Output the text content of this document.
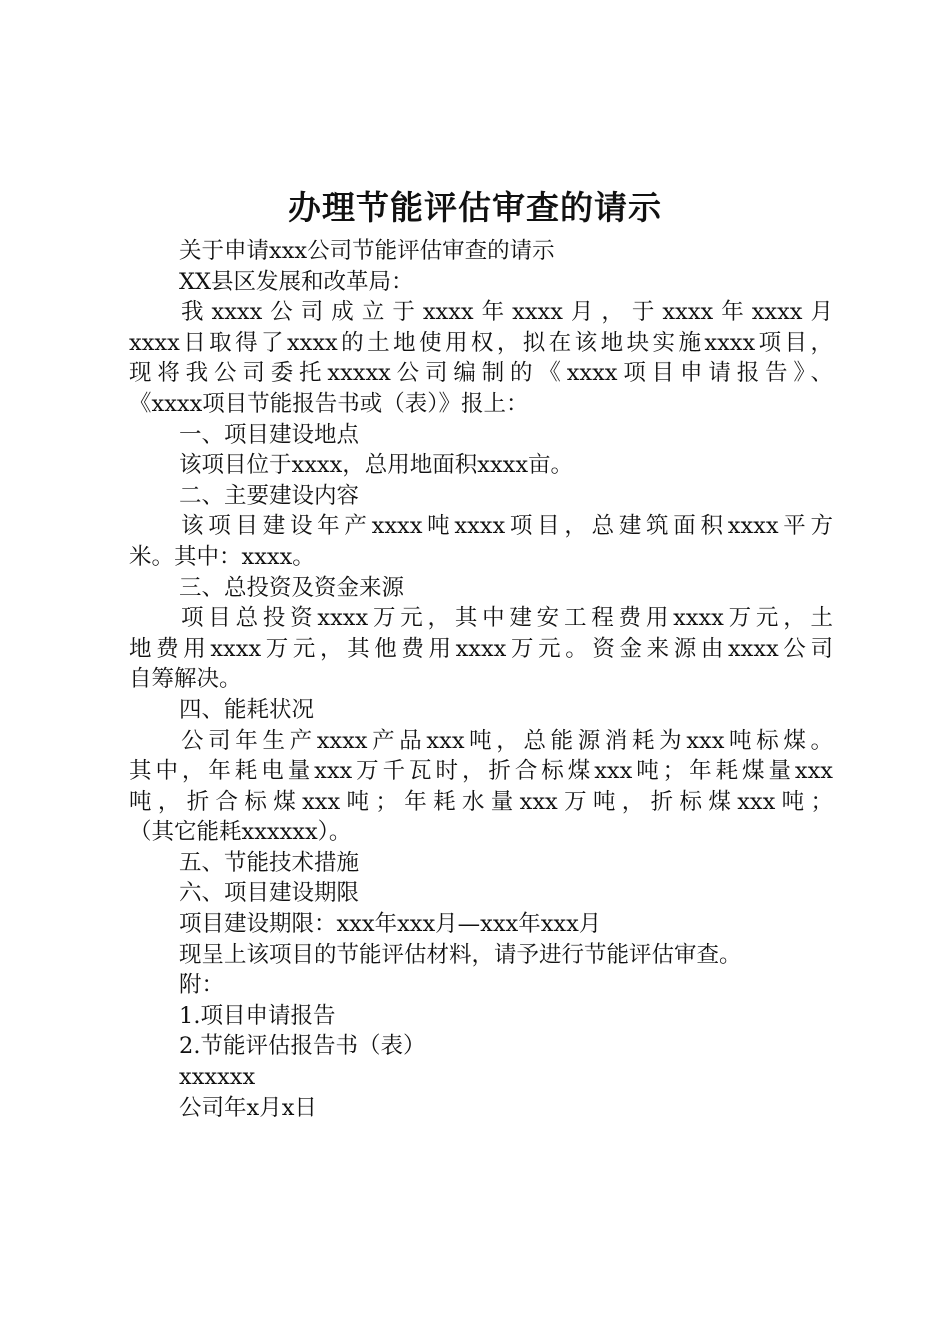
办理节能评估审查的请示

关于申请xxx公司节能评估审查的请示

XX县区发展和改革局：

我xxxx公司成立于xxxx年xxxx月，于xxxx年xxxx月
xxxx日取得了xxxx的土地使用权，拟在该地块实施xxxx项目，
现将我公司委托xxxxx公司编制的《xxxx项目申请报告》、
《xxxx项目节能报告书或（表）》报上：

一、项目建设地点

该项目位于xxxx，总用地面积xxxx亩。

二、主要建设内容

该项目建设年产xxxx吨xxxx项目，总建筑面积xxxx平方
米。其中：xxxx。

三、总投资及资金来源

项目总投资xxxx万元，其中建安工程费用xxxx万元，土
地费用xxxx万元，其他费用xxxx万元。资金来源由xxxx公司
自筹解决。

四、能耗状况

公司年生产xxxx产品xxx吨，总能源消耗为xxx吨标煤。
其中，年耗电量xxx万千瓦时，折合标煤xxx吨；年耗煤量xxx
吨，折合标煤xxx吨；年耗水量xxx万吨，折标煤xxx吨；
（其它能耗xxxxxx）。

五、节能技术措施

六、项目建设期限

项目建设期限：xxx年xxx月—xxx年xxx月

现呈上该项目的节能评估材料，请予进行节能评估审查。

附：

1.项目申请报告

2.节能评估报告书（表）

xxxxxx

公司年x月x日
